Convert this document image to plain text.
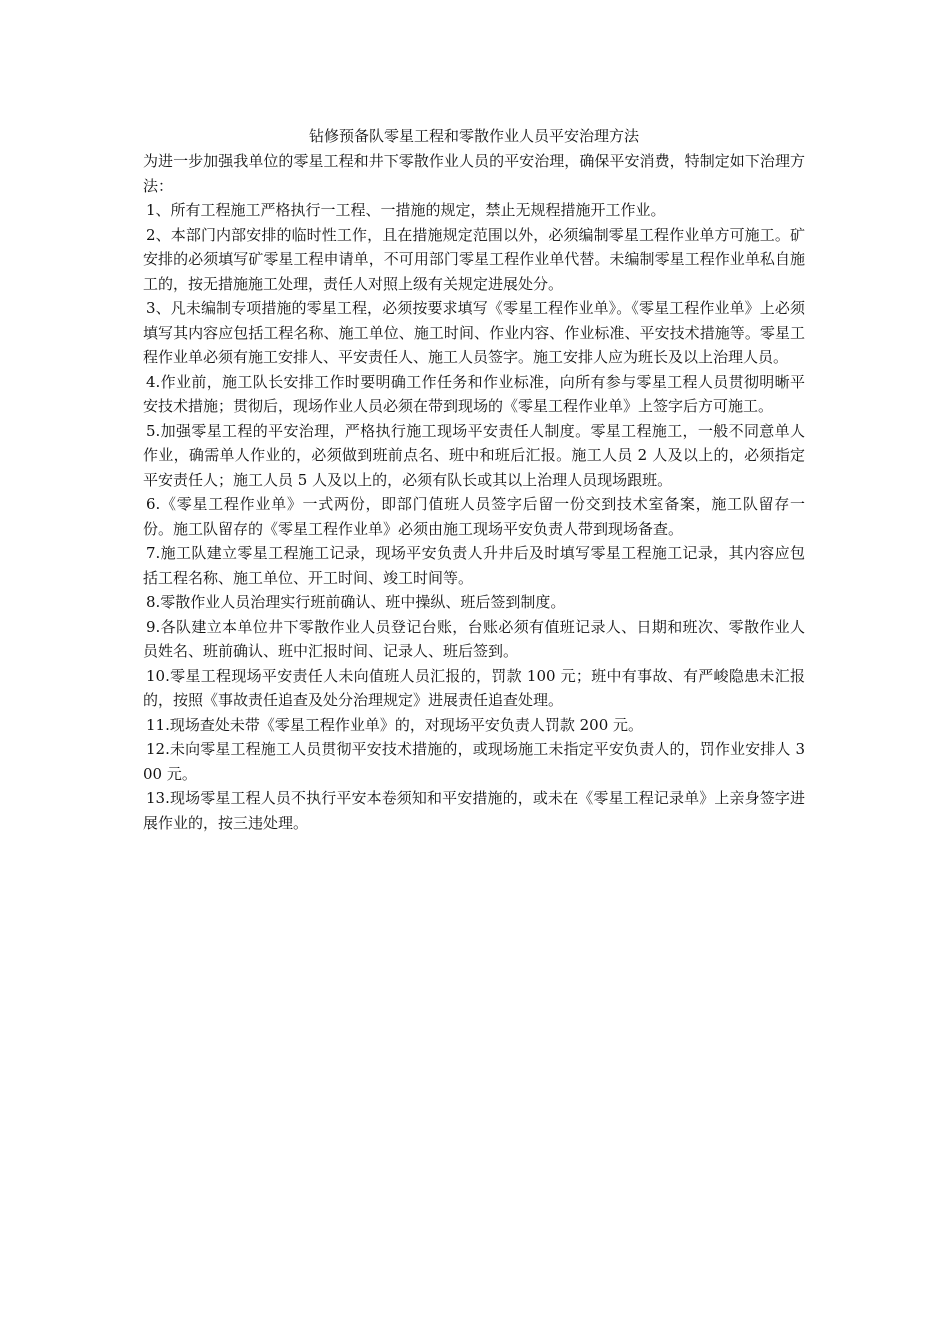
钻修预备队零星工程和零散作业人员平安治理方法

为进一步加强我单位的零星工程和井下零散作业人员的平安治理，确保平安消费，特制定如下治理方法：

1、所有工程施工严格执行一工程、一措施的规定，禁止无规程措施开工作业。

2、本部门内部安排的临时性工作，且在措施规定范围以外，必须编制零星工程作业单方可施工。矿安排的必须填写矿零星工程申请单，不可用部门零星工程作业单代替。未编制零星工程作业单私自施工的，按无措施施工处理，责任人对照上级有关规定进展处分。

3、凡未编制专项措施的零星工程，必须按要求填写《零星工程作业单》。《零星工程作业单》上必须填写其内容应包括工程名称、施工单位、施工时间、作业内容、作业标准、平安技术措施等。零星工程作业单必须有施工安排人、平安责任人、施工人员签字。施工安排人应为班长及以上治理人员。

4.作业前，施工队长安排工作时要明确工作任务和作业标准，向所有参与零星工程人员贯彻明晰平安技术措施；贯彻后，现场作业人员必须在带到现场的《零星工程作业单》上签字后方可施工。

5.加强零星工程的平安治理，严格执行施工现场平安责任人制度。零星工程施工，一般不同意单人作业，确需单人作业的，必须做到班前点名、班中和班后汇报。施工人员 2 人及以上的，必须指定平安责任人；施工人员 5 人及以上的，必须有队长或其以上治理人员现场跟班。

6.《零星工程作业单》一式两份，即部门值班人员签字后留一份交到技术室备案，施工队留存一份。施工队留存的《零星工程作业单》必须由施工现场平安负责人带到现场备查。

7.施工队建立零星工程施工记录，现场平安负责人升井后及时填写零星工程施工记录，其内容应包括工程名称、施工单位、开工时间、竣工时间等。

8.零散作业人员治理实行班前确认、班中操纵、班后签到制度。

9.各队建立本单位井下零散作业人员登记台账，台账必须有值班记录人、日期和班次、零散作业人员姓名、班前确认、班中汇报时间、记录人、班后签到。

10.零星工程现场平安责任人未向值班人员汇报的，罚款 100 元；班中有事故、有严峻隐患未汇报的，按照《事故责任追查及处分治理规定》进展责任追查处理。

11.现场查处未带《零星工程作业单》的，对现场平安负责人罚款 200 元。

12.未向零星工程施工人员贯彻平安技术措施的，或现场施工未指定平安负责人的，罚作业安排人 300 元。

13.现场零星工程人员不执行平安本卷须知和平安措施的，或未在《零星工程记录单》上亲身签字进展作业的，按三违处理。
